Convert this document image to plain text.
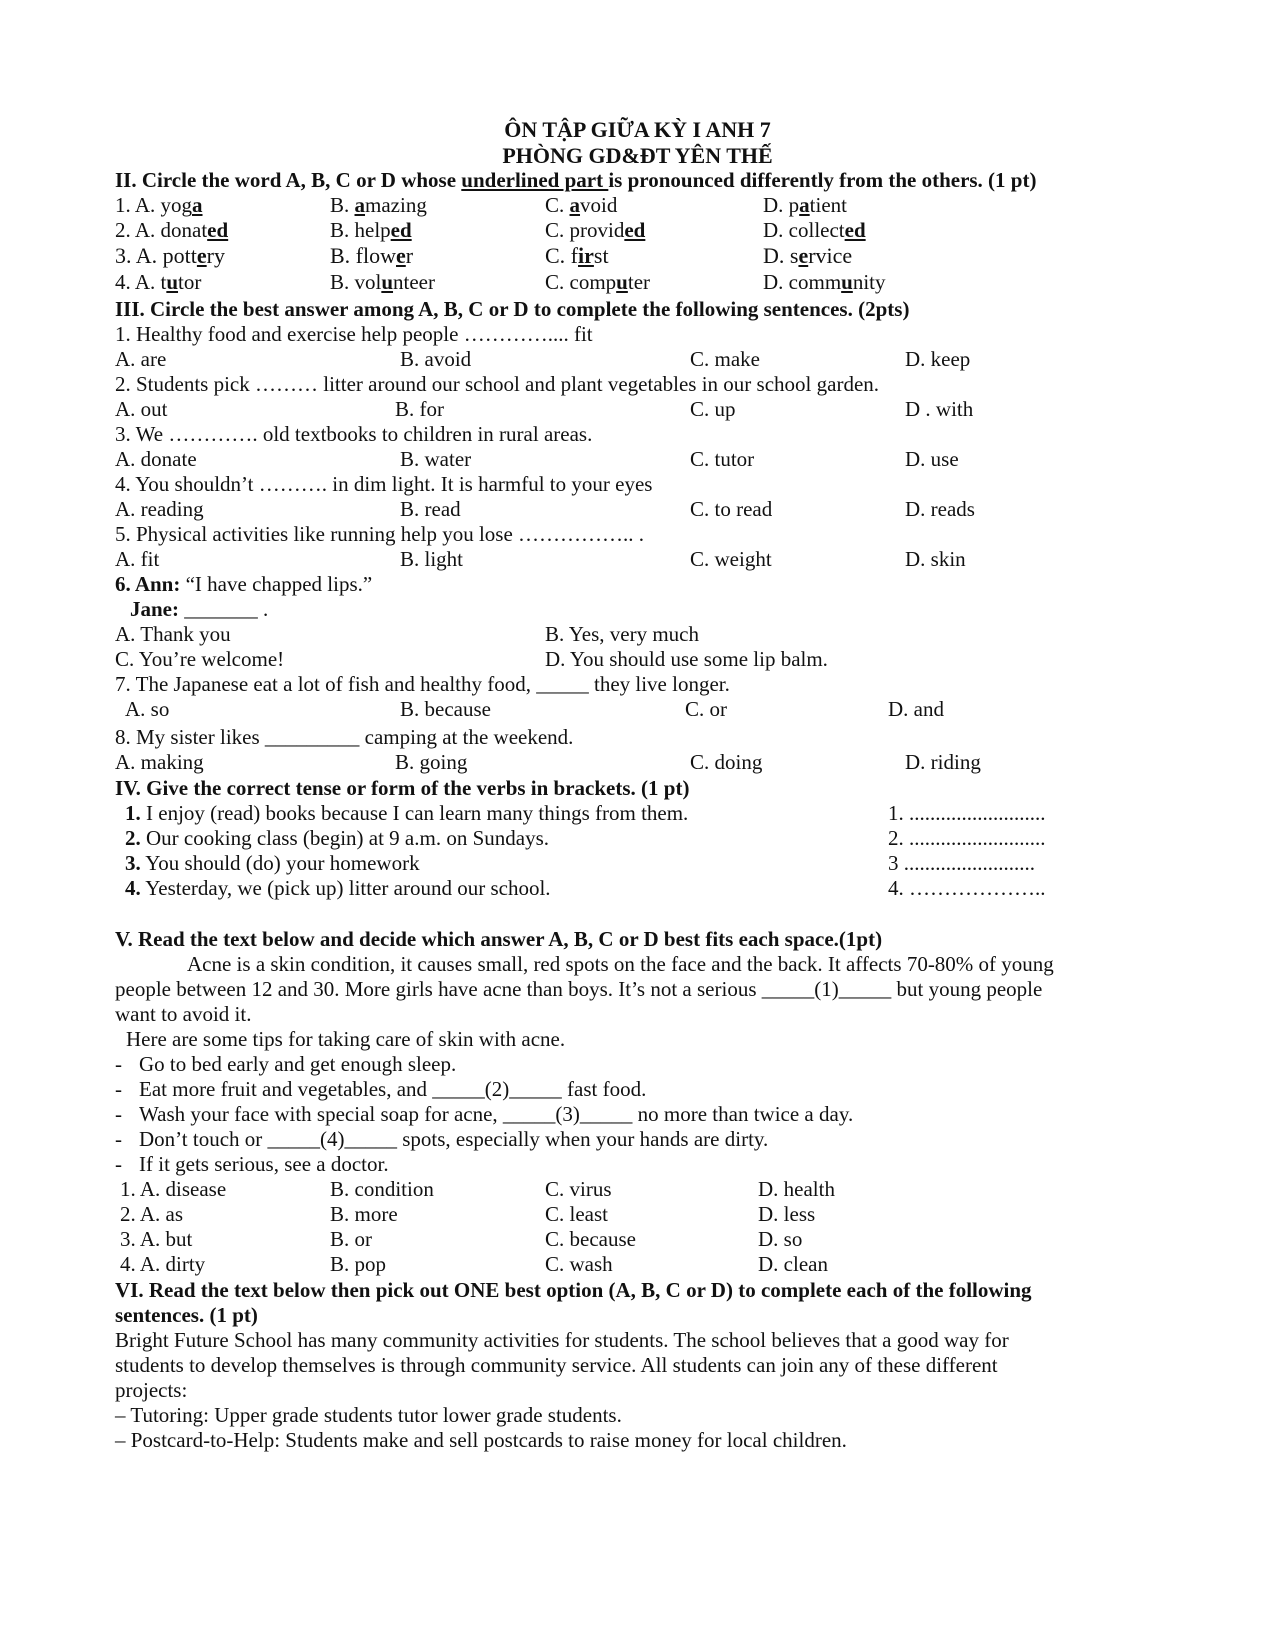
ÔN TẬP GIỮA KỲ I ANH 7
PHÒNG GD&ĐT YÊN THẾ
II. Circle the word A, B, C or D whose underlined part is pronounced differently from the others. (1 pt)
1. A. yoga	B. amazing	C. avoid	D. patient
2. A. donated	B. helped	C. provided	D. collected
3. A. pottery	B. flower	C. first	D. service
4. A. tutor	B. volunteer	C. computer	D. community
III. Circle the best answer among A, B, C or D to complete the following sentences. (2pts)
1. Healthy food and exercise help people ………….... fit
A. are	B. avoid	C. make	D. keep
2. Students pick ……… litter around our school and plant vegetables in our school garden.
A. out	B. for	C. up	D . with
3. We …………. old textbooks to children in rural areas.
A. donate	B. water	C. tutor	D. use
4. You shouldn’t ………. in dim light. It is harmful to your eyes
A. reading	B. read	C. to read	D. reads
5. Physical activities like running help you lose …………….. .
A. fit	B. light	C. weight	D. skin
6. Ann: “I have chapped lips.”
Jane: _______ .
A. Thank you	B. Yes, very much
C. You’re welcome!	D. You should use some lip balm.
7. The Japanese eat a lot of fish and healthy food, _____ they live longer.
A. so	B. because	C. or	D. and
8. My sister likes _________ camping at the weekend.
A. making	B. going	C. doing	D. riding
IV. Give the correct tense or form of the verbs in brackets. (1 pt)
1. I enjoy (read) books because I can learn many things from them.	1. ..........................
2. Our cooking class (begin) at 9 a.m. on Sundays.	2. ..........................
3. You should (do) your homework	3 .........................
4. Yesterday, we (pick up) litter around our school.	4. ………………..
V. Read the text below and decide which answer A, B, C or D best fits each space.(1pt)
Acne is a skin condition, it causes small, red spots on the face and the back. It affects 70-80% of young
people between 12 and 30. More girls have acne than boys. It’s not a serious _____(1)_____ but young people
want to avoid it.
Here are some tips for taking care of skin with acne.
- Go to bed early and get enough sleep.
- Eat more fruit and vegetables, and _____(2)_____ fast food.
- Wash your face with special soap for acne, _____(3)_____ no more than twice a day.
- Don’t touch or _____(4)_____ spots, especially when your hands are dirty.
- If it gets serious, see a doctor.
1. A. disease	B. condition	C. virus	D. health
2. A. as	B. more	C. least	D. less
3. A. but	B. or	C. because	D. so
4. A. dirty	B. pop	C. wash	D. clean
VI. Read the text below then pick out ONE best option (A, B, C or D) to complete each of the following
sentences. (1 pt)
Bright Future School has many community activities for students. The school believes that a good way for
students to develop themselves is through community service. All students can join any of these different
projects:
– Tutoring: Upper grade students tutor lower grade students.
– Postcard-to-Help: Students make and sell postcards to raise money for local children.
